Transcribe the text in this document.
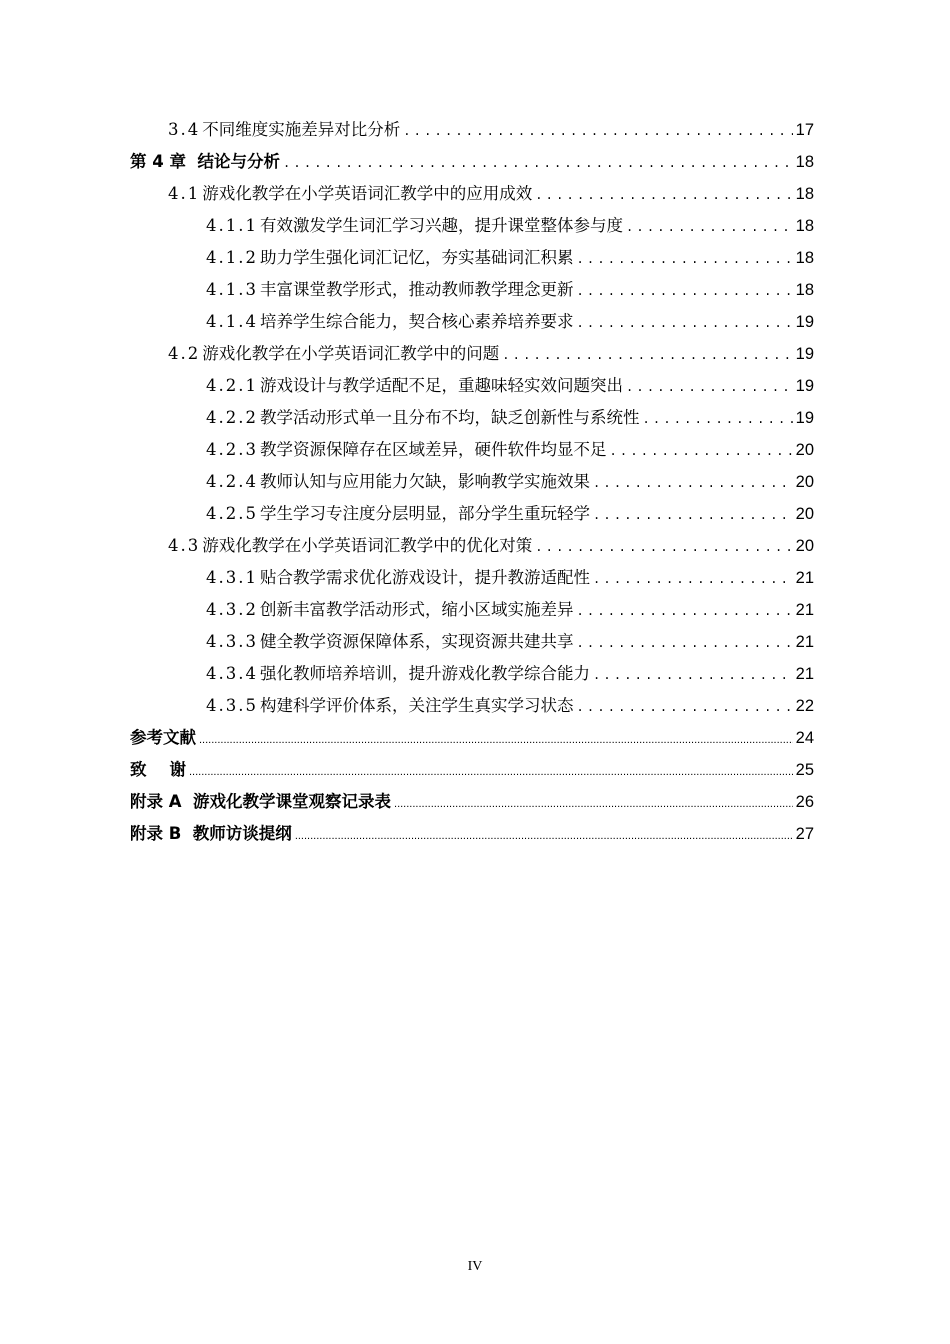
3.4 不同维度实施差异对比分析 .....	17
第 4 章  结论与分析 .....	18
4.1 游戏化教学在小学英语词汇教学中的应用成效 .....	18
4.1.1 有效激发学生词汇学习兴趣，提升课堂整体参与度 .....	18
4.1.2 助力学生强化词汇记忆，夯实基础词汇积累 .....	18
4.1.3 丰富课堂教学形式，推动教师教学理念更新 .....	18
4.1.4 培养学生综合能力，契合核心素养培养要求 .....	19
4.2 游戏化教学在小学英语词汇教学中的问题 .....	19
4.2.1 游戏设计与教学适配不足，重趣味轻实效问题突出 .....	19
4.2.2 教学活动形式单一且分布不均，缺乏创新性与系统性 .....	19
4.2.3 教学资源保障存在区域差异，硬件软件均显不足 .....	20
4.2.4 教师认知与应用能力欠缺，影响教学实施效果 .....	20
4.2.5 学生学习专注度分层明显，部分学生重玩轻学 .....	20
4.3 游戏化教学在小学英语词汇教学中的优化对策 .....	20
4.3.1 贴合教学需求优化游戏设计，提升教游适配性 .....	21
4.3.2 创新丰富教学活动形式，缩小区域实施差异 .....	21
4.3.3 健全教学资源保障体系，实现资源共建共享 .....	21
4.3.4 强化教师培养培训，提升游戏化教学综合能力 .....	21
4.3.5 构建科学评价体系，关注学生真实学习状态 .....	22
参考文献 .....	24
致    谢 .....	25
附录 A  游戏化教学课堂观察记录表 .....	26
附录 B  教师访谈提纲 .....	27
IV
